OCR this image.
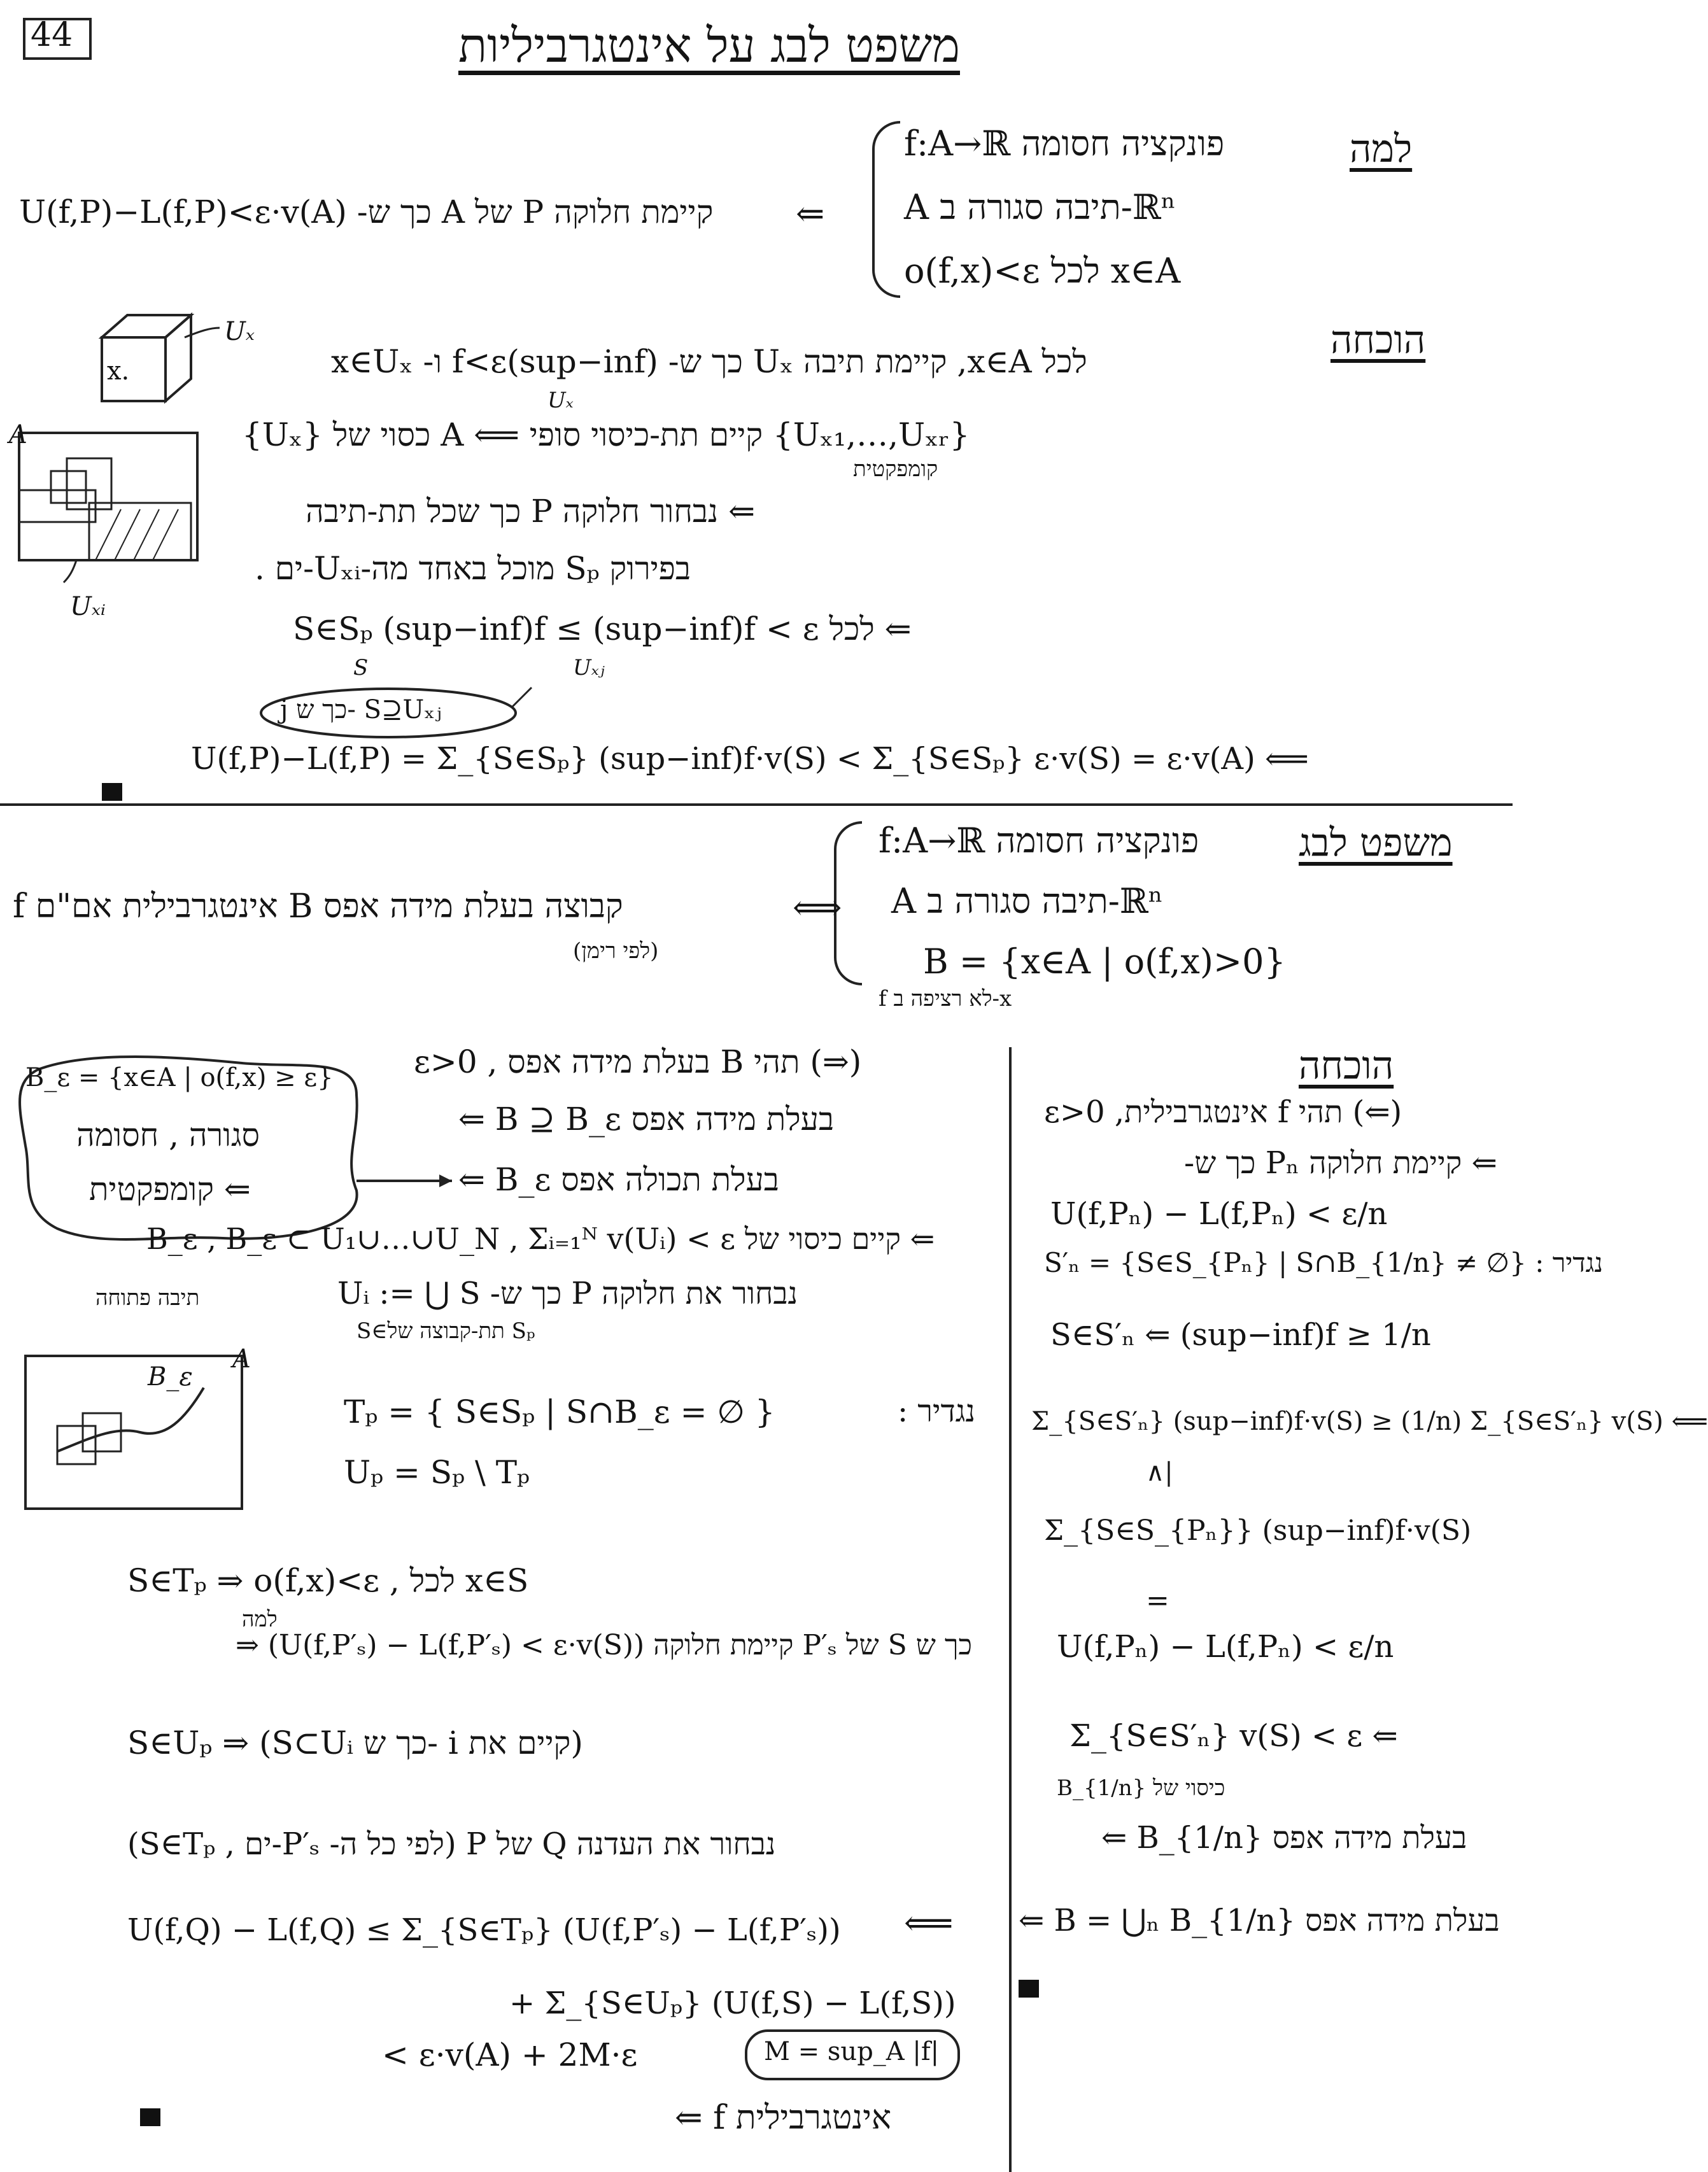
44	משפט לבג על אינטגרביליות
למה
f:A→ℝ פונקציה חסומה
A תיבה סגורה ב-ℝⁿ
o(f,x)<ε לכל x∈A
⇐
קיימת חלוקה P של A כך ש- U(f,P)−L(f,P)<ε·v(A)
הוכחה
x.
Uₓ
A
Uₓᵢ
לכל x∈A, קיימת תיבה Uₓ כך ש- (sup−inf)f<ε ו- x∈Uₓ
Uₓ
{Uₓ} כסוי של A ⟸ קיים תת-כיסוי סופי {Uₓ₁,…,Uₓᵣ}
קומפקטית
⇐ נבחור חלוקה P כך שכל תת-תיבה
בפירוק Sₚ מוכל באחד מה-Uₓᵢ-ים .
⇐ לכל S∈Sₚ (sup−inf)f ≤ (sup−inf)f < ε
S	Uₓⱼ
j כך ש- S⊇Uₓⱼ
U(f,P)−L(f,P) = Σ_{S∈Sₚ} (sup−inf)f·v(S) < Σ_{S∈Sₚ} ε·v(S) = ε·v(A) ⟸
משפט לבג
f:A→ℝ פונקציה חסומה
A תיבה סגורה ב-ℝⁿ
B = {x∈A | o(f,x)>0}
f לא רציפה ב-x
⟺
f אינטגרבילית אם"ם B קבוצה בעלת מידה אפס
(לפי רימן)
B_ε = {x∈A | o(f,x) ≥ ε}
סגורה , חסומה
⇐ קומפקטית
(⇒) תהי B בעלת מידה אפס , 0<ε
⇐ B ⊇ B_ε בעלת מידה אפס
⇐ B_ε בעלת תכולה אפס
⇐ קיים כיסוי של B_ε , B_ε ⊂ U₁∪…∪U_N , Σᵢ₌₁ᴺ v(Uᵢ) < ε
תיבה פתוחה	נבחור את חלוקה P כך ש- Uᵢ := ⋃ S
S∈תת-קבוצה של Sₚ
A
B_ε
נגדיר :
Tₚ = { S∈Sₚ | S∩B_ε = ∅ }
Uₚ = Sₚ \ Tₚ
S∈Tₚ ⇒ o(f,x)<ε , לכל x∈S
למה
⇒ (U(f,P′ₛ) − L(f,P′ₛ) < ε·v(S)) קיימת חלוקה P′ₛ של S כך ש
S∈Uₚ ⇒ (S⊂Uᵢ כך ש- i קיים את)
נבחור את העדנה Q של P (לפי כל ה- P′ₛ-ים , S∈Tₚ)
⟸
U(f,Q) − L(f,Q) ≤ Σ_{S∈Tₚ} (U(f,P′ₛ) − L(f,P′ₛ))
+ Σ_{S∈Uₚ} (U(f,S) − L(f,S))
< ε·v(A) + 2M·ε	M = sup_A |f|
⇐ f אינטגרבילית
הוכחה
(⇐) תהי f אינטגרבילית, 0<ε
⇐ קיימת חלוקה Pₙ כך ש-
U(f,Pₙ) − L(f,Pₙ) < ε/n
נגדיר : S′ₙ = {S∈S_{Pₙ} | S∩B_{1/n} ≠ ∅}
S∈S′ₙ ⇐ (sup−inf)f ≥ 1/n
Σ_{S∈S′ₙ} (sup−inf)f·v(S) ≥ (1/n) Σ_{S∈S′ₙ} v(S) ⟸
∧|
Σ_{S∈S_{Pₙ}} (sup−inf)f·v(S)
=
U(f,Pₙ) − L(f,Pₙ) < ε/n
Σ_{S∈S′ₙ} v(S) < ε ⇐
כיסוי של B_{1/n}
⇐ B_{1/n} בעלת מידה אפס
⇐ B = ⋃ₙ B_{1/n} בעלת מידה אפס
